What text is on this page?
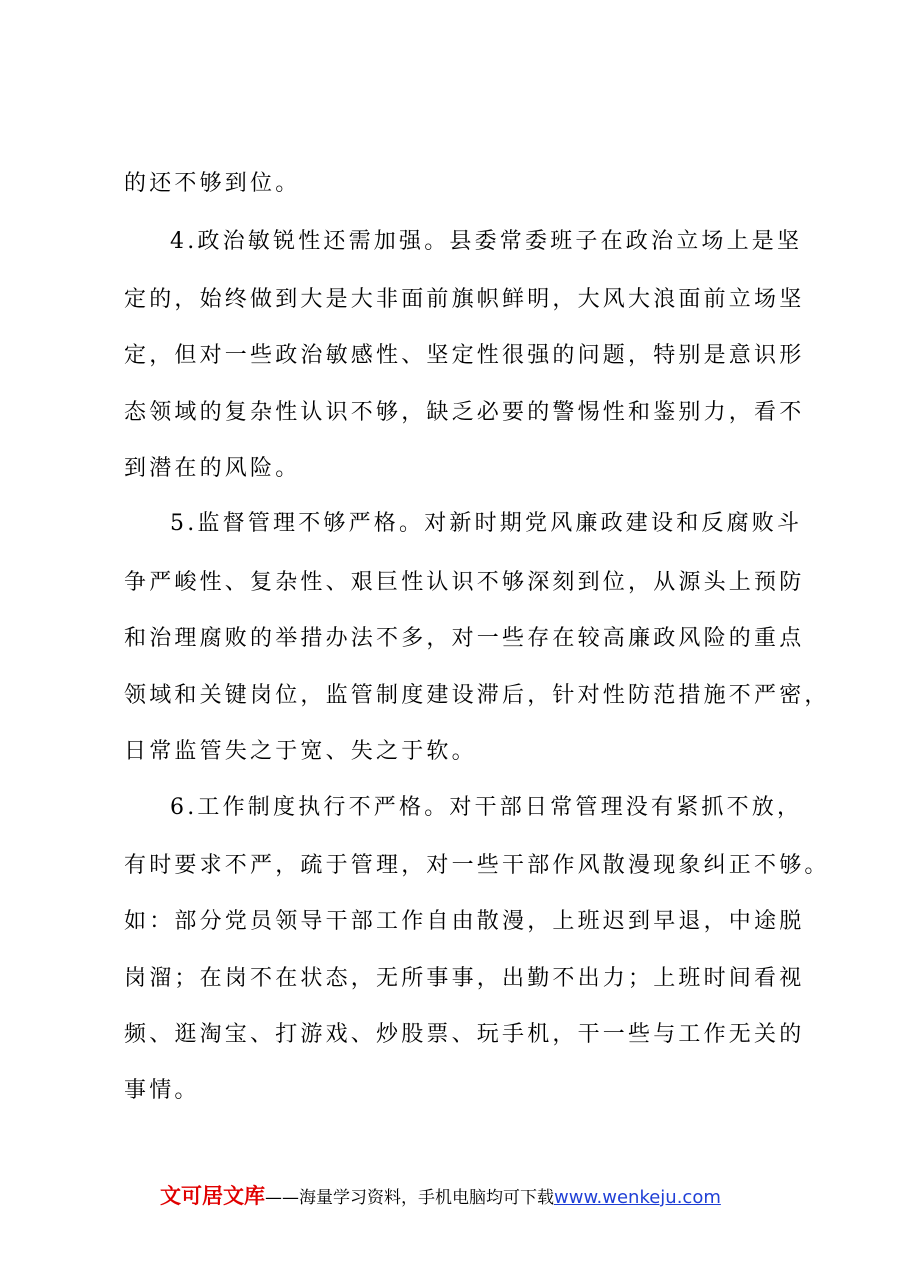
的还不够到位。
4.政治敏锐性还需加强。县委常委班子在政治立场上是坚
定的，始终做到大是大非面前旗帜鲜明，大风大浪面前立场坚
定，但对一些政治敏感性、坚定性很强的问题，特别是意识形
态领域的复杂性认识不够，缺乏必要的警惕性和鉴别力，看不
到潜在的风险。
5.监督管理不够严格。对新时期党风廉政建设和反腐败斗
争严峻性、复杂性、艰巨性认识不够深刻到位，从源头上预防
和治理腐败的举措办法不多，对一些存在较高廉政风险的重点
领域和关键岗位，监管制度建设滞后，针对性防范措施不严密，
日常监管失之于宽、失之于软。
6.工作制度执行不严格。对干部日常管理没有紧抓不放，
有时要求不严，疏于管理，对一些干部作风散漫现象纠正不够。
如：部分党员领导干部工作自由散漫，上班迟到早退，中途脱
岗溜；在岗不在状态，无所事事，出勤不出力；上班时间看视
频、逛淘宝、打游戏、炒股票、玩手机，干一些与工作无关的
事情。
文可居文库——海量学习资料，手机电脑均可下载www.wenkeju.com
